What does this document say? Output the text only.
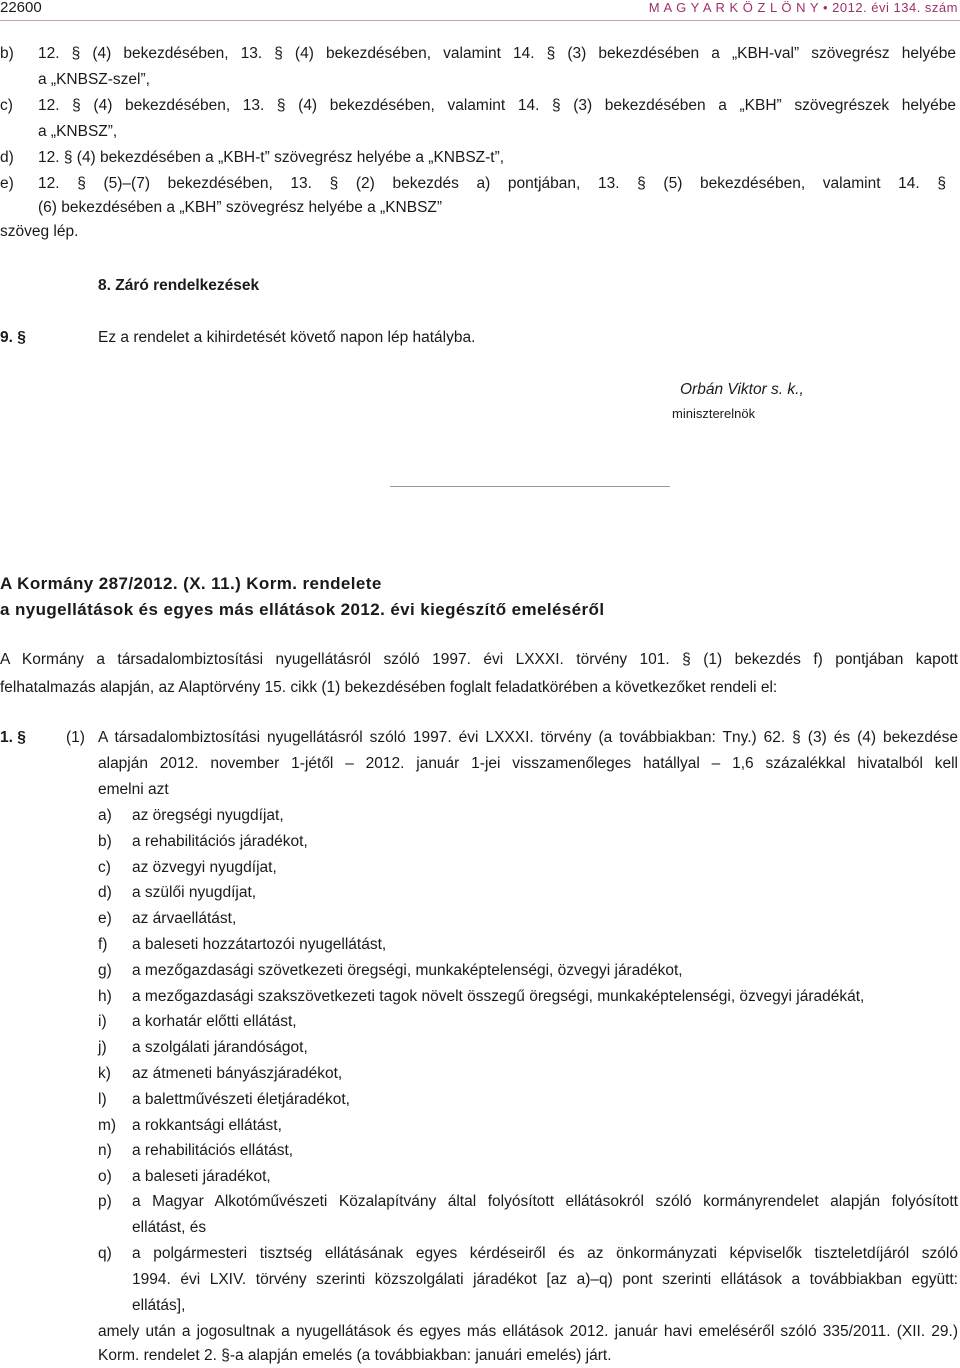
22600	M A G Y A R K Ö Z L Ö N Y • 2012. évi 134. szám
b) 12. § (4) bekezdésében, 13. § (4) bekezdésében, valamint 14. § (3) bekezdésében a „KBH-val” szövegrész helyébe
a „KNBSZ-szel”,
c) 12. § (4) bekezdésében, 13. § (4) bekezdésében, valamint 14. § (3) bekezdésében a „KBH” szövegrészek helyébe
a „KNBSZ”,
d) 12. § (4) bekezdésében a „KBH-t” szövegrész helyébe a „KNBSZ-t”,
e) 12. § (5)–(7) bekezdésében, 13. § (2) bekezdés a) pontjában, 13. § (5) bekezdésében, valamint 14. §
(6) bekezdésében a „KBH” szövegrész helyébe a „KNBSZ”
szöveg lép.
8. Záró rendelkezések
9. §	Ez a rendelet a kihirdetését követő napon lép hatályba.
Orbán Viktor s. k.,
miniszterelnök
A Kormány 287/2012. (X. 11.) Korm. rendelete
a nyugellátások és egyes más ellátások 2012. évi kiegészítő emeléséről
A Kormány a társadalombiztosítási nyugellátásról szóló 1997. évi LXXXI. törvény 101. § (1) bekezdés f) pontjában kapott
felhatalmazás alapján, az Alaptörvény 15. cikk (1) bekezdésében foglalt feladatkörében a következőket rendeli el:
1. §	(1) A társadalombiztosítási nyugellátásról szóló 1997. évi LXXXI. törvény (a továbbiakban: Tny.) 62. § (3) és (4) bekezdése
alapján 2012. november 1-jétől – 2012. január 1-jei visszamenőleges hatállyal – 1,6 százalékkal hivatalból kell
emelni azt
a) az öregségi nyugdíjat,
b) a rehabilitációs járadékot,
c) az özvegyi nyugdíjat,
d) a szülői nyugdíjat,
e) az árvaellátást,
f) a baleseti hozzátartozói nyugellátást,
g) a mezőgazdasági szövetkezeti öregségi, munkaképtelenségi, özvegyi járadékot,
h) a mezőgazdasági szakszövetkezeti tagok növelt összegű öregségi, munkaképtelenségi, özvegyi járadékát,
i) a korhatár előtti ellátást,
j) a szolgálati járandóságot,
k) az átmeneti bányászjáradékot,
l) a balettművészeti életjáradékot,
m) a rokkantsági ellátást,
n) a rehabilitációs ellátást,
o) a baleseti járadékot,
p) a Magyar Alkotóművészeti Közalapítvány által folyósított ellátásokról szóló kormányrendelet alapján folyósított
ellátást, és
q) a polgármesteri tisztség ellátásának egyes kérdéseiről és az önkormányzati képviselők tiszteletdíjáról szóló
1994. évi LXIV. törvény szerinti közszolgálati járadékot [az a)–q) pont szerinti ellátások a továbbiakban együtt:
ellátás],
amely után a jogosultnak a nyugellátások és egyes más ellátások 2012. január havi emeléséről szóló 335/2011. (XII. 29.)
Korm. rendelet 2. §-a alapján emelés (a továbbiakban: januári emelés) járt.
